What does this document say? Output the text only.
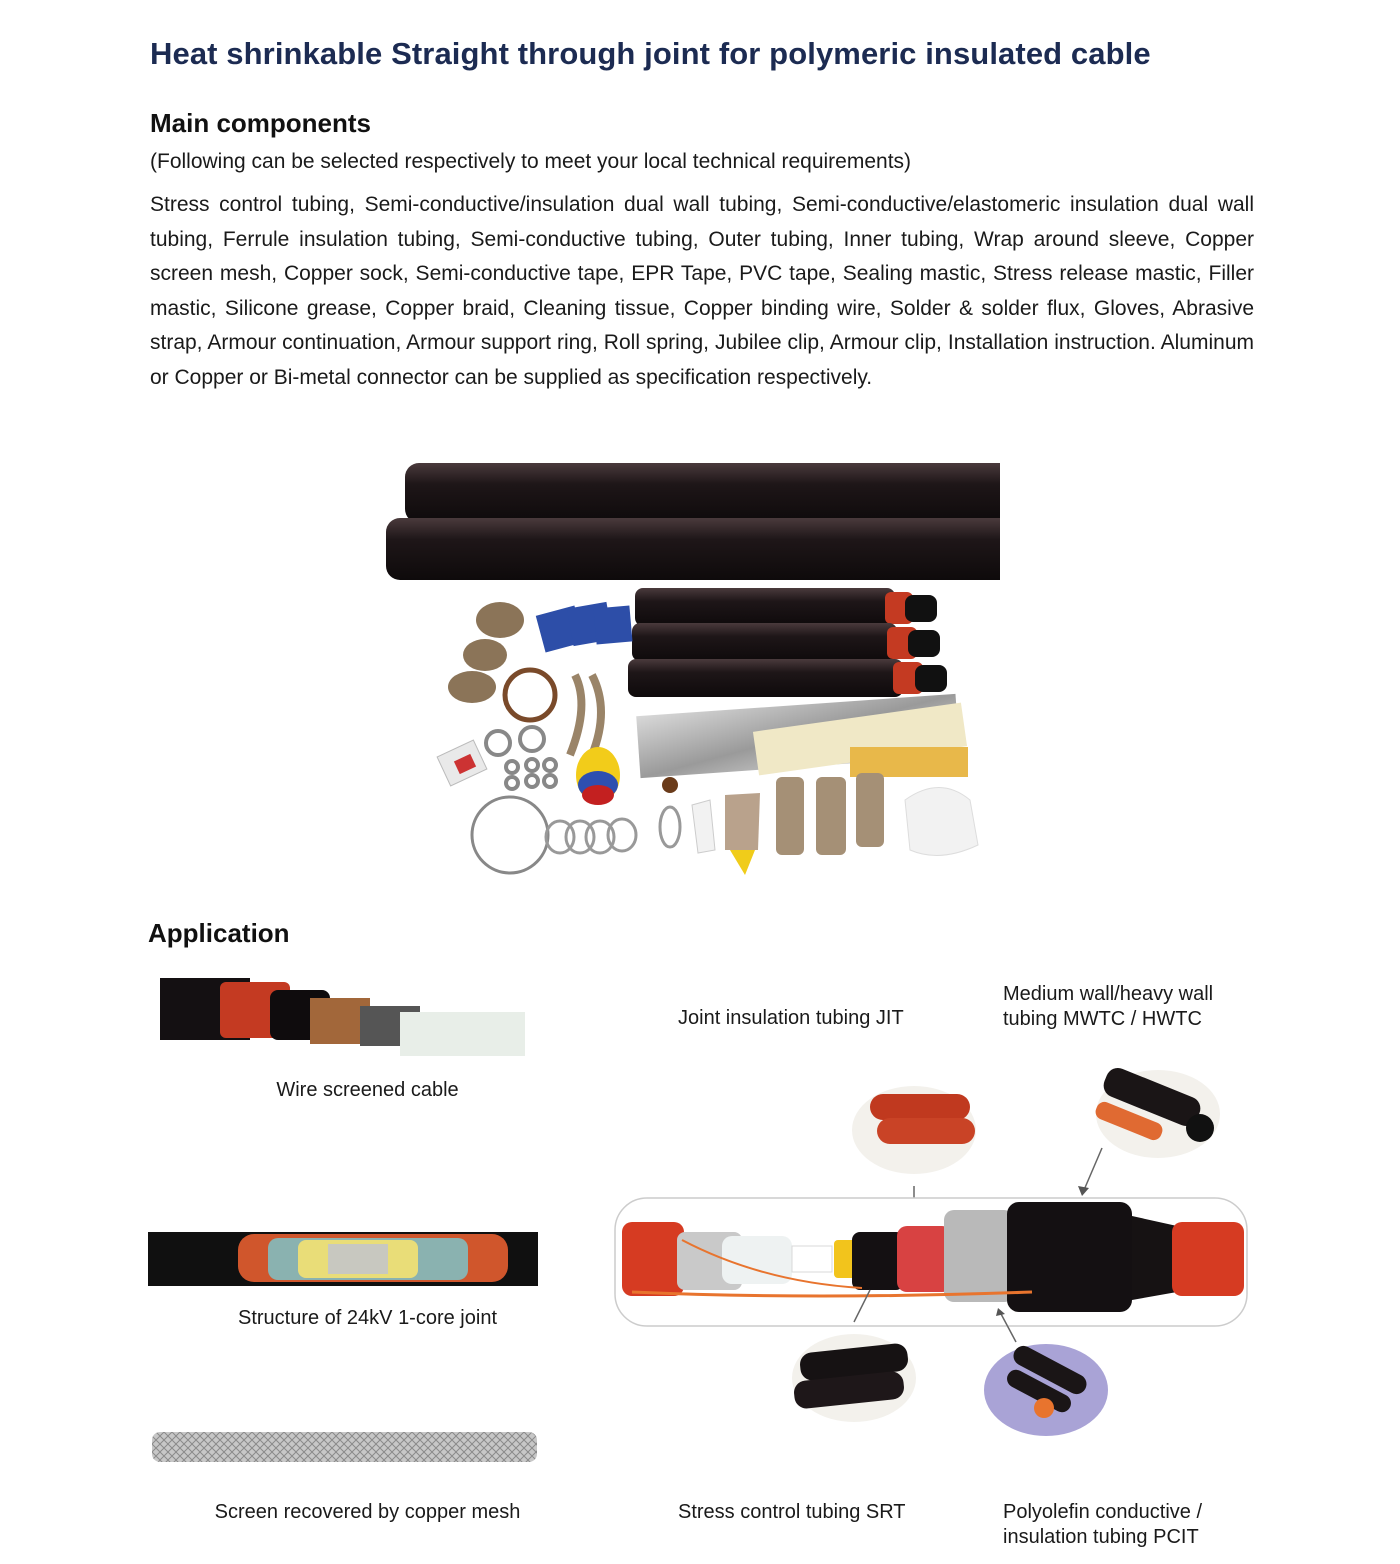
Heat shrinkable Straight through joint for polymeric insulated cable
Main components
(Following can be selected respectively to meet your local technical requirements)
Stress control tubing, Semi-conductive/insulation dual wall tubing, Semi-conductive/elastomeric insulation dual wall tubing, Ferrule insulation tubing, Semi-conductive tubing, Outer tubing, Inner tubing, Wrap around sleeve, Copper screen mesh, Copper sock, Semi-conductive tape, EPR Tape, PVC tape, Sealing mastic, Stress release mastic, Filler mastic, Silicone grease, Copper braid, Cleaning tissue, Copper binding wire, Solder & solder flux, Gloves, Abrasive strap, Armour continuation, Armour support ring, Roll spring, Jubilee clip, Armour clip, Installation instruction. Aluminum or Copper or Bi-metal connector can be supplied as specification respectively.
Application
Wire screened cable
Structure of 24kV 1-core joint
Screen recovered by copper mesh
Joint insulation tubing JIT
Medium wall/heavy wall
tubing MWTC / HWTC
Stress control tubing SRT	Polyolefin conductive /
insulation tubing PCIT
